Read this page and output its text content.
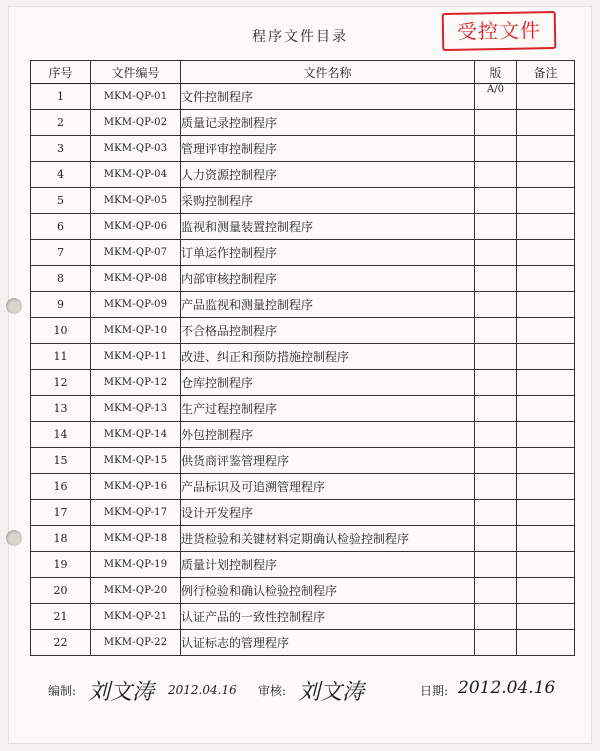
程序文件目录	受控文件
序号	文件编号	文件名称	版	备注
1	MKM-QP-01	文件控制程序	A/0	
2	MKM-QP-02	质量记录控制程序		
3	MKM-QP-03	管理评审控制程序		
4	MKM-QP-04	人力资源控制程序		
5	MKM-QP-05	采购控制程序		
6	MKM-QP-06	监视和测量装置控制程序		
7	MKM-QP-07	订单运作控制程序		
8	MKM-QP-08	内部审核控制程序		
9	MKM-QP-09	产品监视和测量控制程序		
10	MKM-QP-10	不合格品控制程序		
11	MKM-QP-11	改进、纠正和预防措施控制程序		
12	MKM-QP-12	仓库控制程序		
13	MKM-QP-13	生产过程控制程序		
14	MKM-QP-14	外包控制程序		
15	MKM-QP-15	供货商评鉴管理程序		
16	MKM-QP-16	产品标识及可追溯管理程序		
17	MKM-QP-17	设计开发程序		
18	MKM-QP-18	进货检验和关键材料定期确认检验控制程序		
19	MKM-QP-19	质量计划控制程序		
20	MKM-QP-20	例行检验和确认检验控制程序		
21	MKM-QP-21	认证产品的一致性控制程序		
22	MKM-QP-22	认证标志的管理程序		
编制: 刘文涛 2012.04.16 审核: 刘文涛	日期: 2012.04.16
